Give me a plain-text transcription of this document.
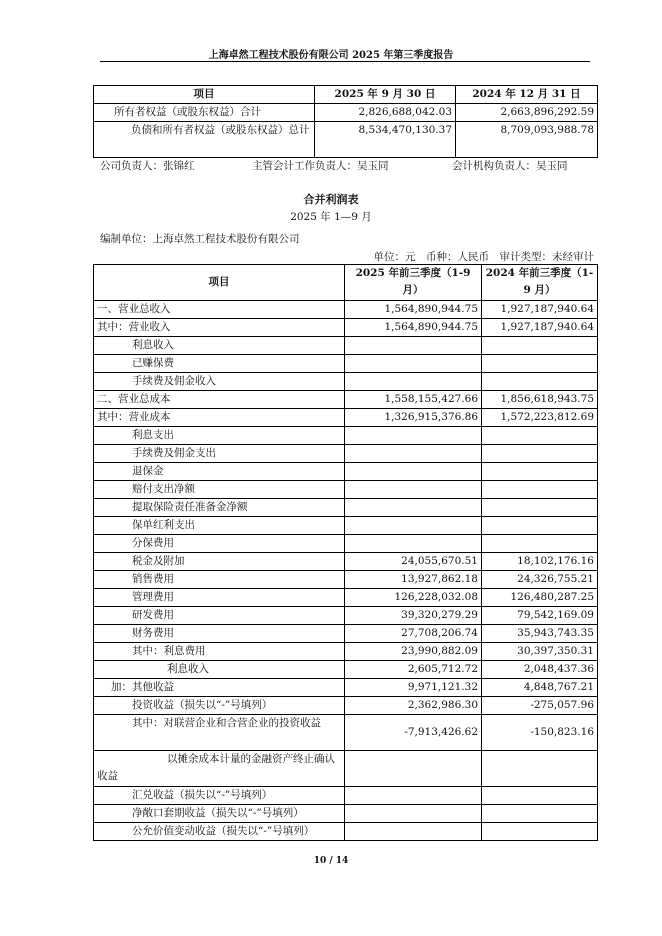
上海卓然工程技术股份有限公司 2025 年第三季度报告
项目	2025 年 9 月 30 日	2024 年 12 月 31 日
所有者权益（或股东权益）合计	2,826,688,042.03	2,663,896,292.59
负债和所有者权益（或股东权益）总计	8,534,470,130.37	8,709,093,988.78
公司负责人：张锦红	主管会计工作负责人：吴玉同	会计机构负责人：吴玉同
合并利润表
2025 年 1—9 月
编制单位：上海卓然工程技术股份有限公司
单位：元　币种：人民币　审计类型：未经审计
项目	2025 年前三季度（1-9 月）	2024 年前三季度（1-9 月）
一、营业总收入	1,564,890,944.75	1,927,187,940.64
其中：营业收入	1,564,890,944.75	1,927,187,940.64
利息收入		
已赚保费		
手续费及佣金收入		
二、营业总成本	1,558,155,427.66	1,856,618,943.75
其中：营业成本	1,326,915,376.86	1,572,223,812.69
利息支出		
手续费及佣金支出		
退保金		
赔付支出净额		
提取保险责任准备金净额		
保单红利支出		
分保费用		
税金及附加	24,055,670.51	18,102,176.16
销售费用	13,927,862.18	24,326,755.21
管理费用	126,228,032.08	126,480,287.25
研发费用	39,320,279.29	79,542,169.09
财务费用	27,708,206.74	35,943,743.35
其中：利息费用	23,990,882.09	30,397,350.31
利息收入	2,605,712.72	2,048,437.36
加：其他收益	9,971,121.32	4,848,767.21
投资收益（损失以“-”号填列）	2,362,986.30	-275,057.96
其中：对联营企业和合营企业的投资收益	-7,913,426.62	-150,823.16
以摊余成本计量的金融资产终止确认收益		
汇兑收益（损失以“-”号填列）		
净敞口套期收益（损失以“-”号填列）		
公允价值变动收益（损失以“-”号填列）		
10 / 14
